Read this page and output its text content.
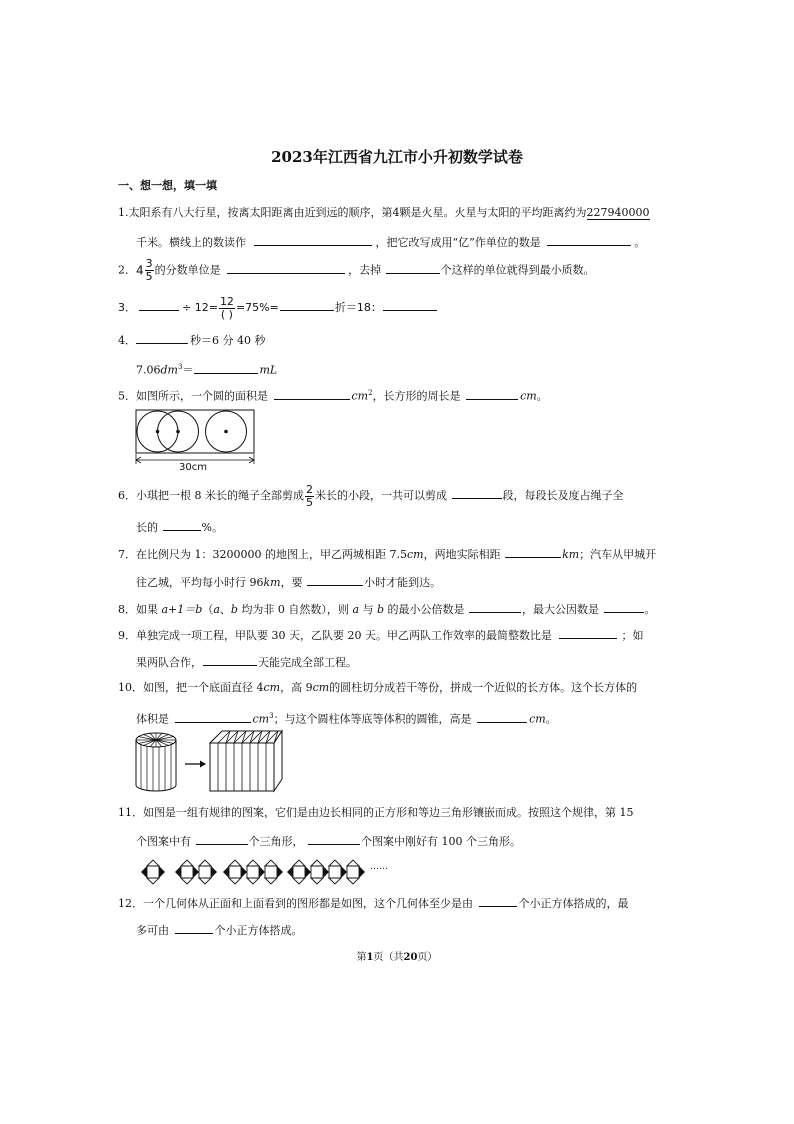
2023年江西省九江市小升初数学试卷
一、想一想，填一填
1.太阳系有八大行星，按离太阳距离由近到远的顺序，第4颗是火星。火星与太阳的平均距离约为227940000
千米。横线上的数读作	，把它改写成用“亿”作单位的数是	。
2．$4 \frac{3}{5}$ 的分数单位是	，去掉	个这样的单位就得到最小质数。
3．	÷ $12= \frac{12}{( )} =75\%=$	折＝18：
4．	秒＝6 分 40 秒
$7.06dm^3=$	mL
5．如图所示，一个圆的面积是	$cm^2$，长方形的周长是	cm。
30cm
6．小琪把一根 8 米长的绳子全部剪成 $\frac{2}{5}$ 米长的小段，一共可以剪成	段，每段长及度占绳子全
长的	%。
7．在比例尺为 1：3200000 的地图上，甲乙两城相距 7.5cm，两地实际相距	km；汽车从甲城开
往乙城，平均每小时行 96km，要	小时才能到达。
8．如果 a+1＝b（a、b 均为非 0 自然数），则 a 与 b 的最小公倍数是	，最大公因数是	。
9．单独完成一项工程，甲队要 30 天，乙队要 20 天。甲乙两队工作效率的最简整数比是	；如
果两队合作，	天能完成全部工程。
10．如图，把一个底面直径 4cm，高 9cm的圆柱切分成若干等份，拼成一个近似的长方体。这个长方体的
体积是	$cm^3$；与这个圆柱体等底等体积的圆锥，高是	cm。
11．如图是一组有规律的图案，它们是由边长相同的正方形和等边三角形镶嵌而成。按照这个规律，第 15
个图案中有	个三角形，	个图案中刚好有 100 个三角形。
……
12．一个几何体从正面和上面看到的图形都是如图，这个几何体至少是由	个小正方体搭成的，最
多可由	个小正方体搭成。
第1页（共20页）
